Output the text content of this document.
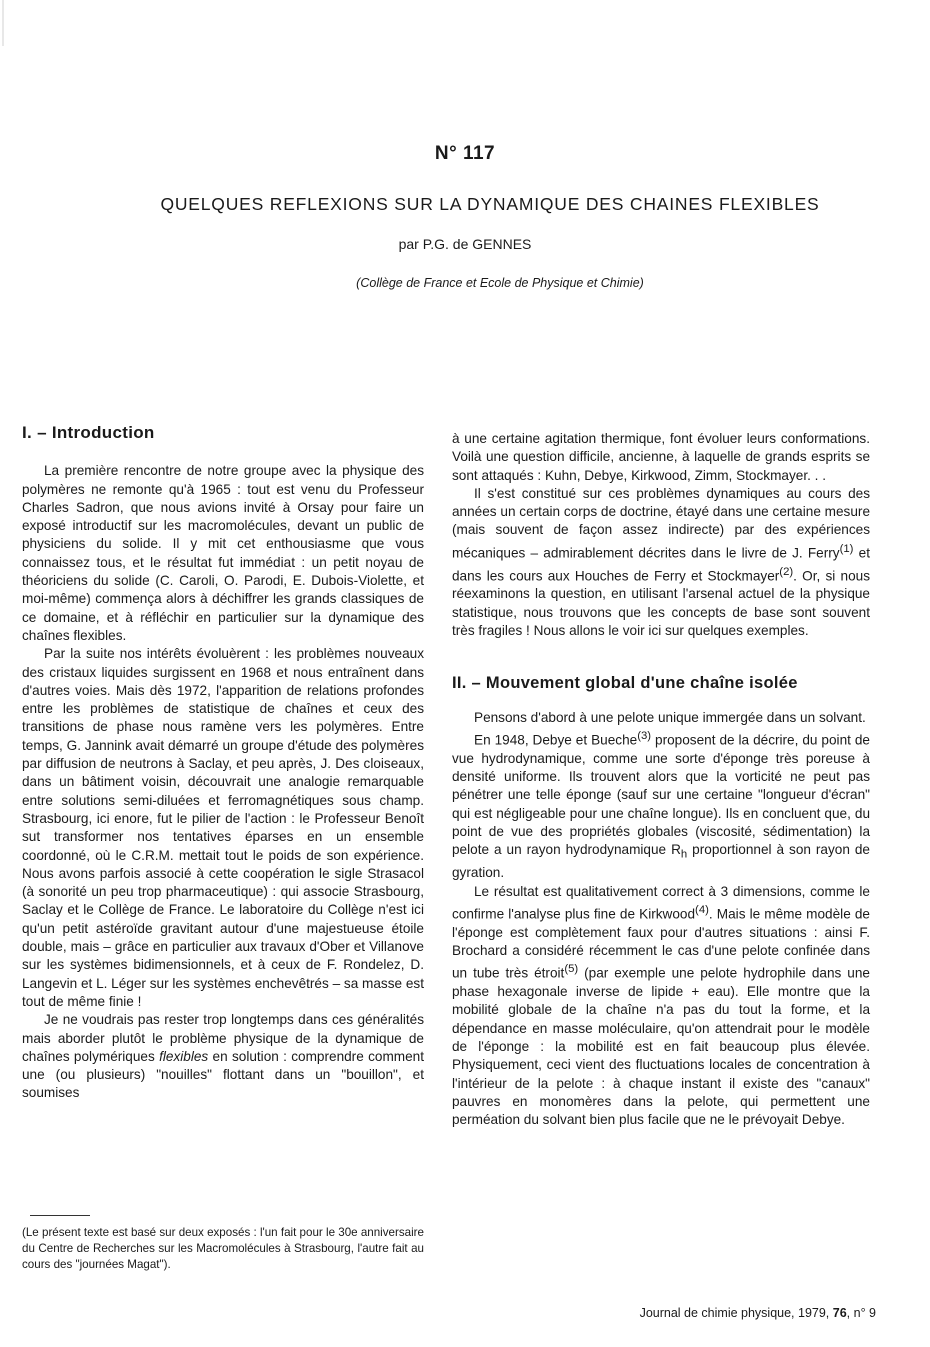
N° 117
QUELQUES REFLEXIONS SUR LA DYNAMIQUE DES CHAINES FLEXIBLES
par P.G. de GENNES
(Collège de France et Ecole de Physique et Chimie)
I. – Introduction

La première rencontre de notre groupe avec la physique des polymères ne remonte qu'à 1965 : tout est venu du Professeur Charles Sadron, que nous avions invité à Orsay pour faire un exposé introductif sur les macromolécules, devant un public de physiciens du solide. Il y mit cet enthousiasme que vous connaissez tous, et le résultat fut immédiat : un petit noyau de théoriciens du solide (C. Caroli, O. Parodi, E. Dubois-Violette, et moi-même) commença alors à déchiffrer les grands classiques de ce domaine, et à réfléchir en particulier sur la dynamique des chaînes flexibles.

Par la suite nos intérêts évoluèrent : les problèmes nouveaux des cristaux liquides surgissent en 1968 et nous entraînent dans d'autres voies. Mais dès 1972, l'apparition de relations profondes entre les problèmes de statistique de chaînes et ceux des transitions de phase nous ramène vers les polymères. Entre temps, G. Jannink avait démarré un groupe d'étude des polymères par diffusion de neutrons à Saclay, et peu après, J. Des cloiseaux, dans un bâtiment voisin, découvrait une analogie remarquable entre solutions semi-diluées et ferromagnétiques sous champ. Strasbourg, ici enore, fut le pilier de l'action : le Professeur Benoît sut transformer nos tentatives éparses en un ensemble coordonné, où le C.R.M. mettait tout le poids de son expérience. Nous avons parfois associé à cette coopération le sigle Strasacol (à sonorité un peu trop pharmaceutique) : qui associe Strasbourg, Saclay et le Collège de France. Le laboratoire du Collège n'est ici qu'un petit astéroïde gravitant autour d'une majestueuse étoile double, mais – grâce en particulier aux travaux d'Ober et Villanove sur les systèmes bidimensionnels, et à ceux de F. Rondelez, D. Langevin et L. Léger sur les systèmes enchevêtrés – sa masse est tout de même finie !

Je ne voudrais pas rester trop longtemps dans ces généralités mais aborder plutôt le problème physique de la dynamique de chaînes polymériques flexibles en solution : comprendre comment une (ou plusieurs) "nouilles" flottant dans un "bouillon", et soumises

(Le présent texte est basé sur deux exposés : l'un fait pour le 30e anniversaire du Centre de Recherches sur les Macromolécules à Strasbourg, l'autre fait au cours des "journées Magat").

à une certaine agitation thermique, font évoluer leurs conformations. Voilà une question difficile, ancienne, à laquelle de grands esprits se sont attaqués : Kuhn, Debye, Kirkwood, Zimm, Stockmayer. . .

Il s'est constitué sur ces problèmes dynamiques au cours des années un certain corps de doctrine, étayé dans une certaine mesure (mais souvent de façon assez indirecte) par des expériences mécaniques – admirablement décrites dans le livre de J. Ferry$^{(1)}$ et dans les cours aux Houches de Ferry et Stockmayer$^{(2)}$. Or, si nous réexaminons la question, en utilisant l'arsenal actuel de la physique statistique, nous trouvons que les concepts de base sont souvent très fragiles ! Nous allons le voir ici sur quelques exemples.

II. – Mouvement global d'une chaîne isolée

Pensons d'abord à une pelote unique immergée dans un solvant.

En 1948, Debye et Bueche$^{(3)}$ proposent de la décrire, du point de vue hydrodynamique, comme une sorte d'éponge très poreuse à densité uniforme. Ils trouvent alors que la vorticité ne peut pas pénétrer une telle éponge (sauf sur une certaine "longueur d'écran" qui est négligeable pour une chaîne longue). Ils en concluent que, du point de vue des propriétés globales (viscosité, sédimentation) la pelote a un rayon hydrodynamique $R_h$ proportionnel à son rayon de gyration.

Le résultat est qualitativement correct à 3 dimensions, comme le confirme l'analyse plus fine de Kirkwood$^{(4)}$. Mais le même modèle de l'éponge est complètement faux pour d'autres situations : ainsi F. Brochard a considéré récemment le cas d'une pelote confinée dans un tube très étroit$^{(5)}$ (par exemple une pelote hydrophile dans une phase hexagonale inverse de lipide + eau). Elle montre que la mobilité globale de la chaîne n'a pas du tout la forme, et la dépendance en masse moléculaire, qu'on attendrait pour le modèle de l'éponge : la mobilité est en fait beaucoup plus élevée. Physiquement, ceci vient des fluctuations locales de concentration à l'intérieur de la pelote : à chaque instant il existe des "canaux" pauvres en monomères dans la pelote, qui permettent une perméation du solvant bien plus facile que ne le prévoyait Debye.

Journal de chimie physique, 1979, 76, n° 9
